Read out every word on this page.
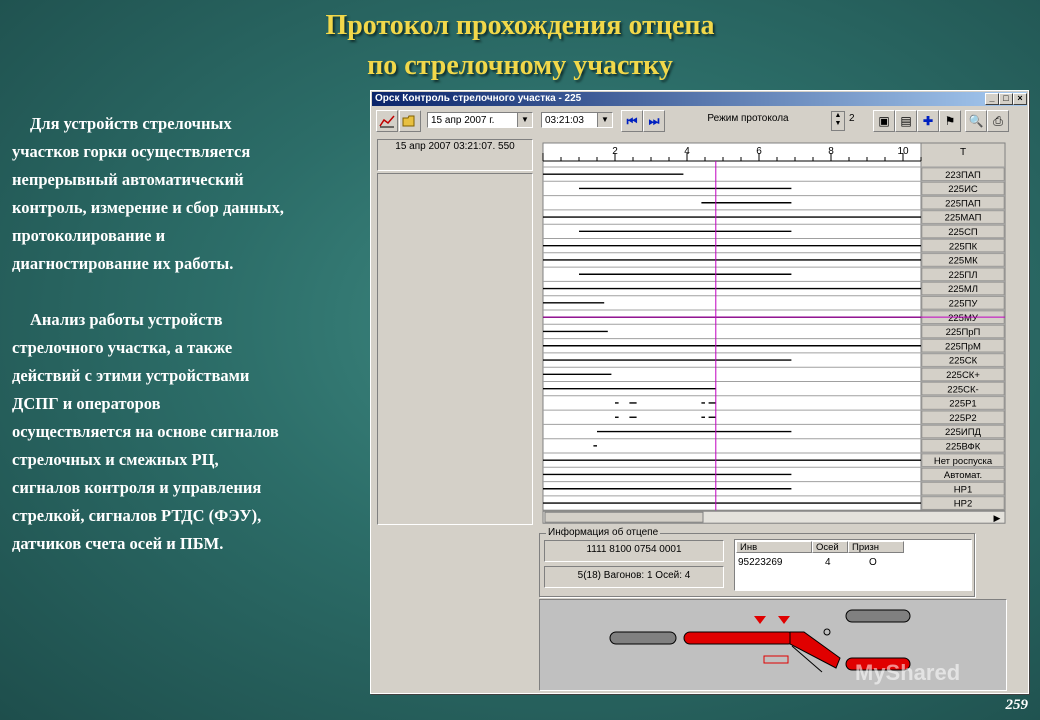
Протокол прохождения отцепа
по стрелочному участку
Для устройств стрелочных
участков горки осуществляется
непрерывный автоматический
контроль, измерение и сбор данных,
протоколирование и
диагностирование их работы.
Анализ работы устройств
стрелочного участка, а также
действий с этими устройствами
ДСПГ и операторов
осуществляется на основе сигналов
стрелочных и смежных РЦ,
сигналов контроля и управления
стрелкой, сигналов РТДС (ФЭУ),
датчиков счета осей и ПБМ.
259
Орск Контроль стрелочного участка - 225	_ □ ×
15 апр 2007 г.	▼	03:21:03	▼	⏮ ⏭	Режим протокола	▲
▼ 2	▣ ▤ ✚ ⚑	🔍 ⎙
15 апр 2007 03:21:07. 550	2	4	6	8	10	T
223ПАП
225ИС
225ПАП
225МАП
225СП
225ПК
225МК
225ПЛ
225МЛ
225ПУ
225МУ
225ПрП
225ПрМ
225СК
225СК+
225СК-
225Р1
225Р2
225ИПД
225ВФК
Нет роспуска
Автомат.
НР1
НР2
▶
Информация об отцепе
1111 8100 0754 0001
5(18) Вагонов: 1 Осей: 4
Инв	Осей	Призн
95223269	4	O
MyShared
